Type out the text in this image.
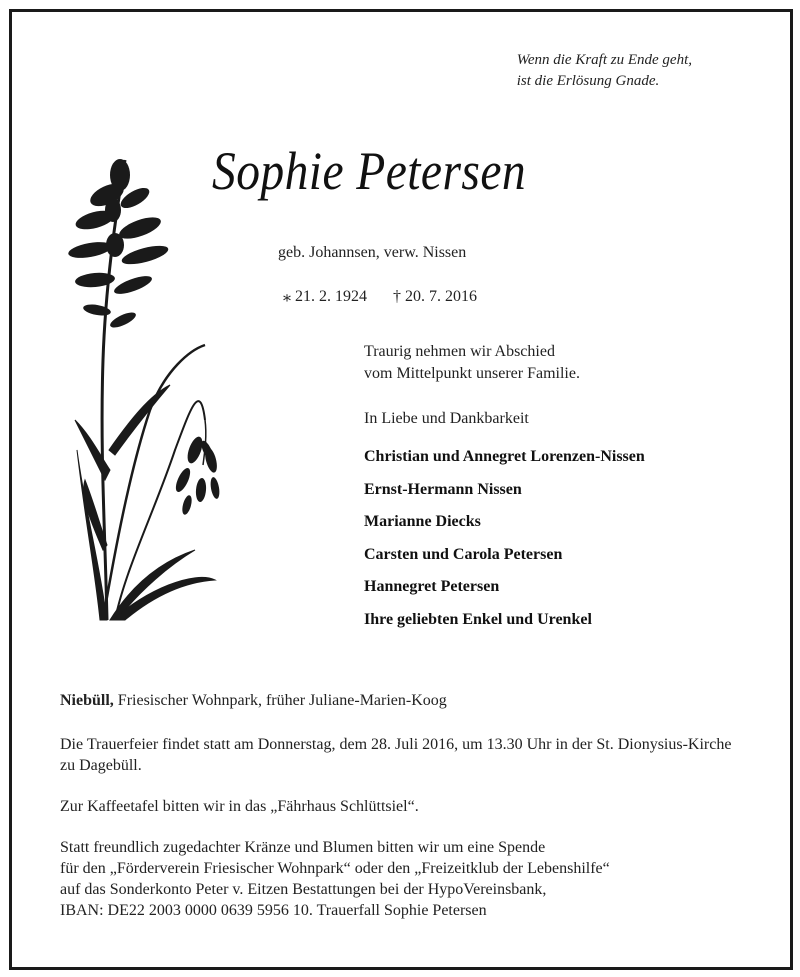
Wenn die Kraft zu Ende geht,
ist die Erlösung Gnade.
Sophie Petersen
geb. Johannsen, verw. Nissen
⁎ 21. 2. 1924 † 20. 7. 2016
Traurig nehmen wir Abschied
vom Mittelpunkt unserer Familie.
In Liebe und Dankbarkeit
Christian und Annegret Lorenzen-Nissen
Ernst-Hermann Nissen
Marianne Diecks
Carsten und Carola Petersen
Hannegret Petersen
Ihre geliebten Enkel und Urenkel
Niebüll, Friesischer Wohnpark, früher Juliane-Marien-Koog
Die Trauerfeier findet statt am Donnerstag, dem 28. Juli 2016, um 13.30 Uhr in der St. Dionysius-Kirche zu Dagebüll.
Zur Kaffeetafel bitten wir in das „Fährhaus Schlüttsiel“.
Statt freundlich zugedachter Kränze und Blumen bitten wir um eine Spende
für den „Förderverein Friesischer Wohnpark“ oder den „Freizeitklub der Lebenshilfe“
auf das Sonderkonto Peter v. Eitzen Bestattungen bei der HypoVereinsbank,
IBAN: DE22 2003 0000 0639 5956 10. Trauerfall Sophie Petersen
